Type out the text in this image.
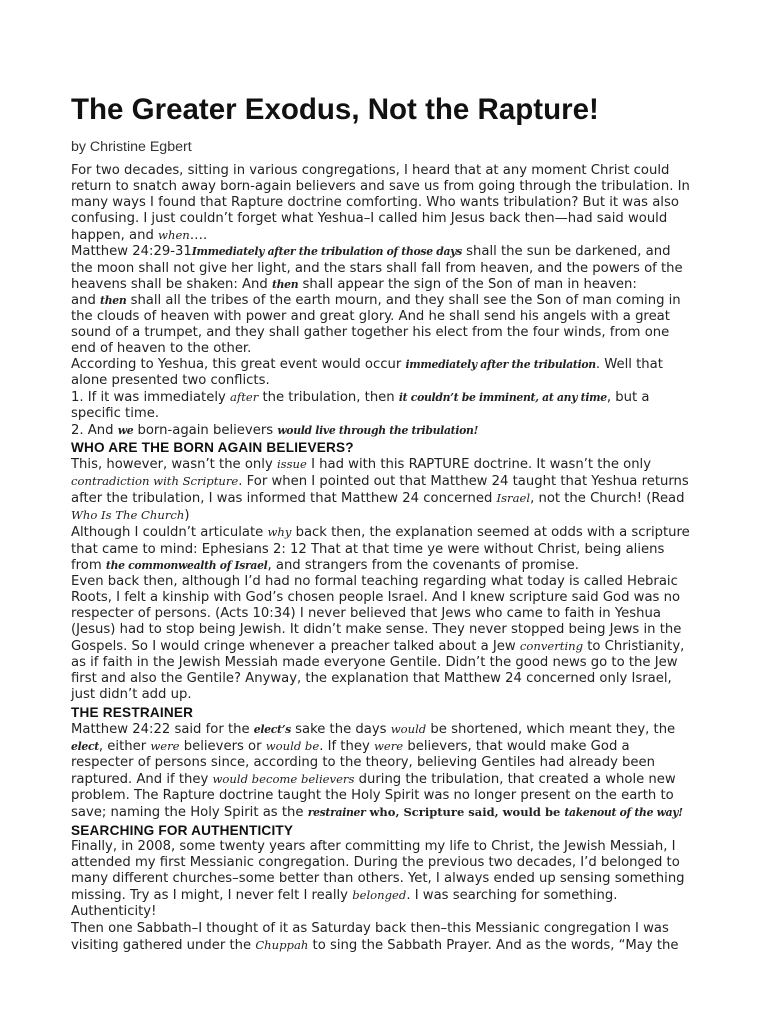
The Greater Exodus, Not the Rapture!
by Christine Egbert

For two decades, sitting in various congregations, I heard that at any moment Christ could return to snatch away born-again believers and save us from going through the tribulation. In many ways I found that Rapture doctrine comforting. Who wants tribulation? But it was also confusing. I just couldn’t forget what Yeshua–I called him Jesus back then—had said would happen, and when….

Matthew 24:29-31Immediately after the tribulation of those days shall the sun be darkened, and the moon shall not give her light, and the stars shall fall from heaven, and the powers of the heavens shall be shaken: And then shall appear the sign of the Son of man in heaven:

and then shall all the tribes of the earth mourn, and they shall see the Son of man coming in the clouds of heaven with power and great glory. And he shall send his angels with a great sound of a trumpet, and they shall gather together his elect from the four winds, from one end of heaven to the other.

According to Yeshua, this great event would occur immediately after the tribulation. Well that alone presented two conflicts.

1. If it was immediately after the tribulation, then it couldn’t be imminent, at any time, but a specific time.

2. And we born-again believers would live through the tribulation!

WHO ARE THE BORN AGAIN BELIEVERS?

This, however, wasn’t the only issue I had with this RAPTURE doctrine. It wasn’t the only contradiction with Scripture. For when I pointed out that Matthew 24 taught that Yeshua returns after the tribulation, I was informed that Matthew 24 concerned Israel, not the Church! (Read Who Is The Church)

Although I couldn’t articulate why back then, the explanation seemed at odds with a scripture that came to mind: Ephesians 2: 12 That at that time ye were without Christ, being aliens from the commonwealth of Israel, and strangers from the covenants of promise.

Even back then, although I’d had no formal teaching regarding what today is called Hebraic Roots, I felt a kinship with God’s chosen people Israel. And I knew scripture said God was no respecter of persons. (Acts 10:34) I never believed that Jews who came to faith in Yeshua (Jesus) had to stop being Jewish. It didn’t make sense. They never stopped being Jews in the Gospels. So I would cringe whenever a preacher talked about a Jew converting to Christianity, as if faith in the Jewish Messiah made everyone Gentile. Didn’t the good news go to the Jew first and also the Gentile? Anyway, the explanation that Matthew 24 concerned only Israel, just didn’t add up.

THE RESTRAINER

Matthew 24:22 said for the elect’s sake the days would be shortened, which meant they, the elect, either were believers or would be. If they were believers, that would make God a respecter of persons since, according to the theory, believing Gentiles had already been raptured. And if they would become believers during the tribulation, that created a whole new problem. The Rapture doctrine taught the Holy Spirit was no longer present on the earth to save; naming the Holy Spirit as the restrainer who, Scripture said, would be takenout of the way!

SEARCHING FOR AUTHENTICITY

Finally, in 2008, some twenty years after committing my life to Christ, the Jewish Messiah, I attended my first Messianic congregation. During the previous two decades, I’d belonged to many different churches–some better than others. Yet, I always ended up sensing something missing. Try as I might, I never felt I really belonged. I was searching for something. Authenticity!

Then one Sabbath–I thought of it as Saturday back then–this Messianic congregation I was visiting gathered under the Chuppah to sing the Sabbath Prayer. And as the words, “May the
